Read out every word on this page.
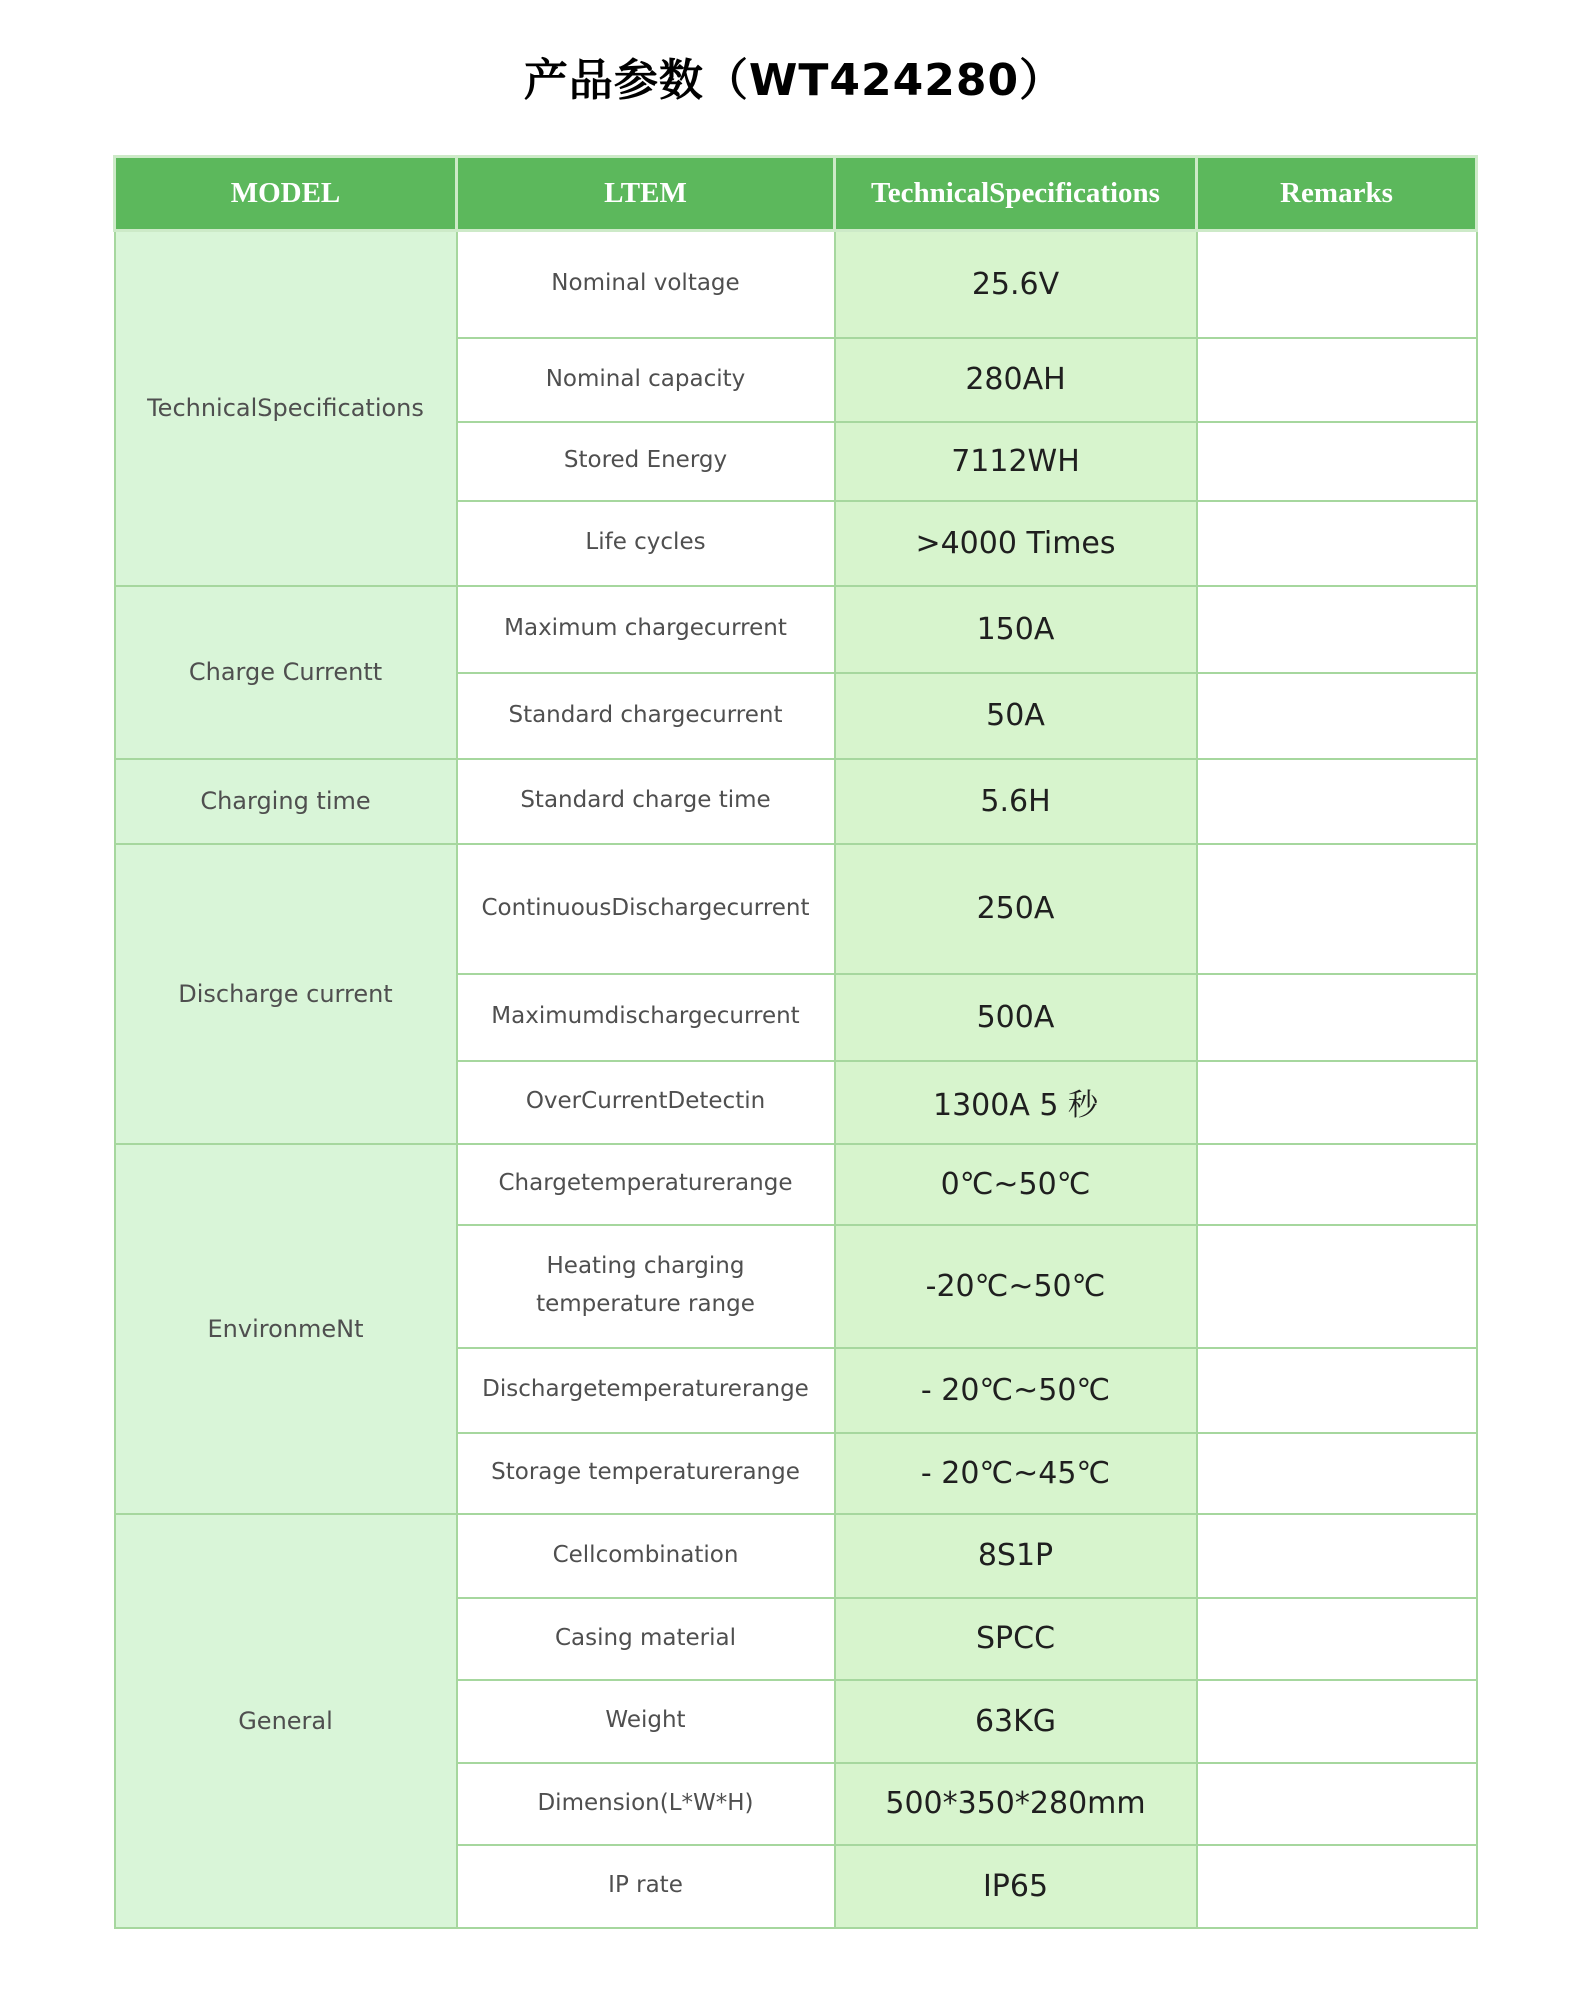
产品参数（WT424280）
MODEL	LTEM	TechnicalSpecifications	Remarks
TechnicalSpecifications	Nominal voltage	25.6V	
	Nominal capacity	280AH	
	Stored Energy	7112WH	
	Life cycles	>4000 Times	
Charge Currentt	Maximum chargecurrent	150A	
	Standard chargecurrent	50A	
Charging time	Standard charge time	5.6H	
Discharge current	ContinuousDischargecurrent	250A	
	Maximumdischargecurrent	500A	
	OverCurrentDetectin	1300A 5 秒	
EnvironmeNt	Chargetemperaturerange	0℃~50℃	
	Heating charging temperature range	-20℃~50℃	
	Dischargetemperaturerange	- 20℃~50℃	
	Storage temperaturerange	- 20℃~45℃	
General	Cellcombination	8S1P	
	Casing material	SPCC	
	Weight	63KG	
	Dimension(L*W*H)	500*350*280mm	
	IP rate	IP65	
